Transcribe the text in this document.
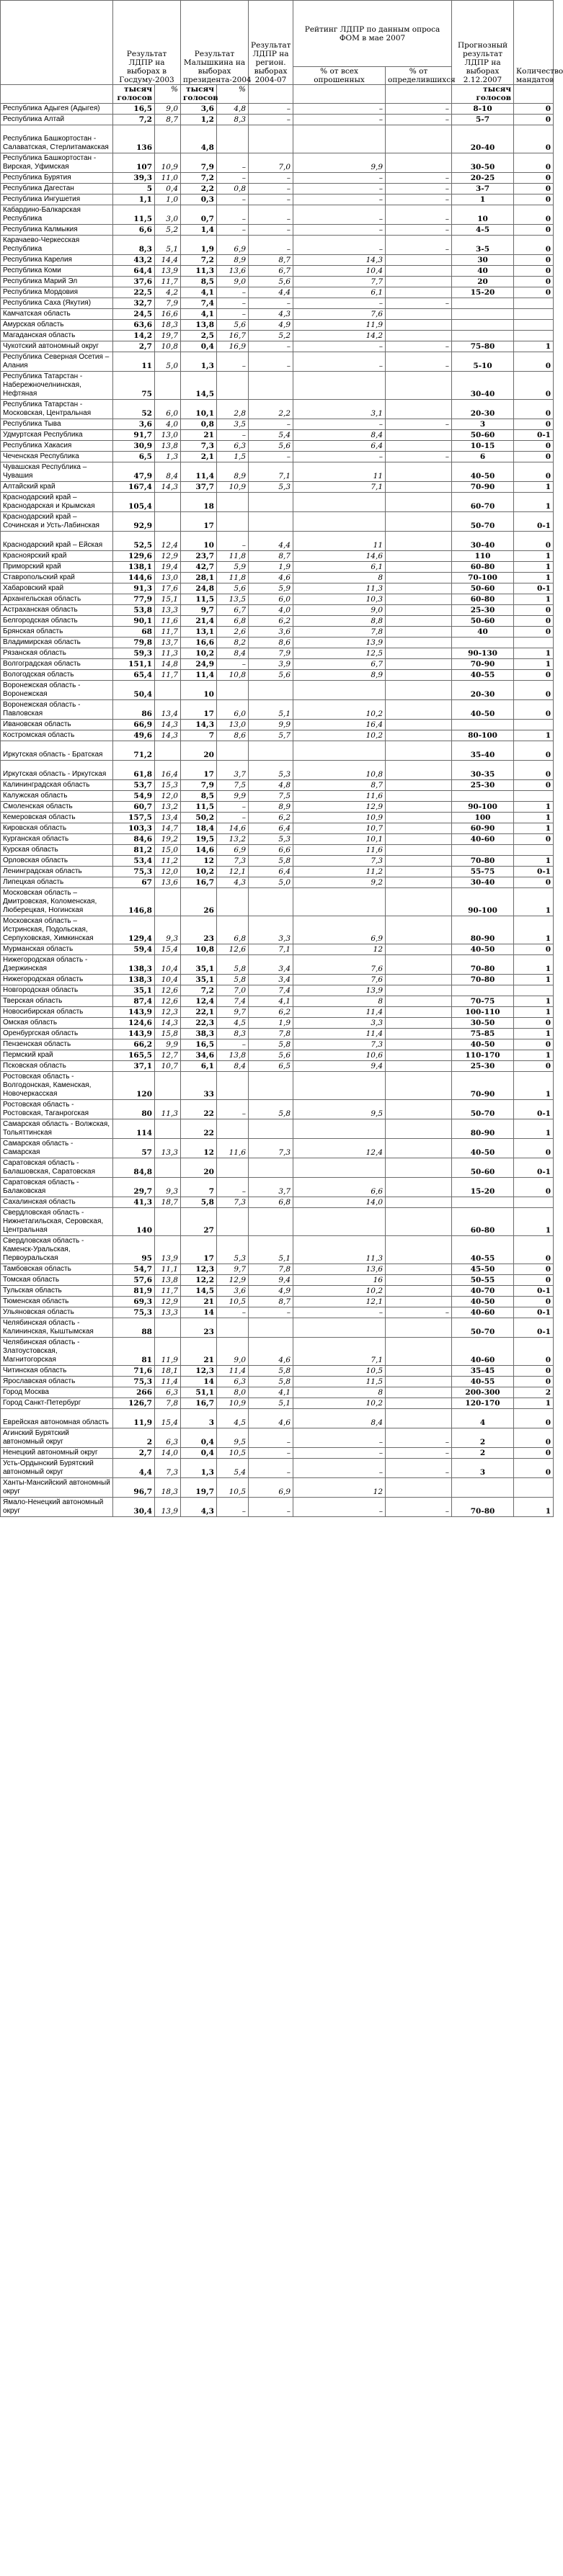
	Результат ЛДПР на выборах в Госдуму-2003		Результат Малышкина на выборах президента-2004		Результат ЛДПР на регион. выборах 2004-07	Рейтинг ЛДПР по данным опроса ФОМ в мае 2007		Прогнозный результат ЛДПР на выборах 2.12.2007	Количество мандатов
						% от всех опрошенных	% от определившихся		
	тысяч голосов	%	тысяч голосов	%				тысяч голосов	
Республика Адыгея (Адыгея)	16,5	9,0	3,6	4,8	–	–	–	8-10	0
Республика Алтай	7,2	8,7	1,2	8,3	–	–	–	5-7	0
Республика Башкортостан - Салаватская, Стерлитамакская	136		4,8					20-40	0
Республика Башкортостан - Вирская, Уфимская	107	10,9	7,9	–	7,0	9,9		30-50	0
Республика Бурятия	39,3	11,0	7,2	–	–	–	–	20-25	0
Республика Дагестан	5	0,4	2,2	0,8	–	–	–	3-7	0
Республика Ингушетия	1,1	1,0	0,3	–	–	–	–	1	0
Кабардино-Балкарская Республика	11,5	3,0	0,7	–	–	–	–	10	0
Республика Калмыкия	6,6	5,2	1,4	–	–	–	–	4-5	0
Карачаево-Черкесская Республика	8,3	5,1	1,9	6,9	–	–	–	3-5	0
Республика Карелия	43,2	14,4	7,2	8,9	8,7	14,3		30	0
Республика Коми	64,4	13,9	11,3	13,6	6,7	10,4		40	0
Республика Марий Эл	37,6	11,7	8,5	9,0	5,6	7,7		20	0
Республика Мордовия	22,5	4,2	4,1	–	4,4	6,1		15-20	0
Республика Саха (Якутия)	32,7	7,9	7,4	–	–	–	–		
Камчатская область	24,5	16,6	4,1	–	4,3	7,6			
Амурская область	63,6	18,3	13,8	5,6	4,9	11,9			
Магаданская область	14,2	19,7	2,5	16,7	5,2	14,2			
Чукотский автономный округ	2,7	10,8	0,4	16,9	–	–	–	75-80	1
Республика Северная Осетия – Алания	11	5,0	1,3	–	–	–	–	5-10	0
Республика Татарстан - Набережночелнинская, Нефтяная	75		14,5					30-40	0
Республика Татарстан - Московская, Центральная	52	6,0	10,1	2,8	2,2	3,1		20-30	0
Республика Тыва	3,6	4,0	0,8	3,5	–	–	–	3	0
Удмуртская Республика	91,7	13,0	21	–	5,4	8,4		50-60	0-1
Республика Хакасия	30,9	13,8	7,3	6,3	5,6	6,4		10-15	0
Чеченская Республика	6,5	1,3	2,1	1,5	–	–	–	6	0
Чувашская Республика – Чувашия	47,9	8,4	11,4	8,9	7,1	11		40-50	0
Алтайский край	167,4	14,3	37,7	10,9	5,3	7,1		70-90	1
Краснодарский край – Краснодарская и Крымская	105,4		18					60-70	1
Краснодарский край – Сочинская и Усть-Лабинская	92,9		17					50-70	0-1
Краснодарский край – Ейская	52,5	12,4	10	–	4,4	11		30-40	0
Красноярский край	129,6	12,9	23,7	11,8	8,7	14,6		110	1
Приморский край	138,1	19,4	42,7	5,9	1,9	6,1		60-80	1
Ставропольский край	144,6	13,0	28,1	11,8	4,6	8		70-100	1
Хабаровский край	91,3	17,6	24,8	5,6	5,9	11,3		50-60	0-1
Архангельская область	77,9	15,1	11,5	13,5	6,0	10,3		60-80	1
Астраханская область	53,8	13,3	9,7	6,7	4,0	9,0		25-30	0
Белгородская область	90,1	11,6	21,4	6,8	6,2	8,8		50-60	0
Брянская область	68	11,7	13,1	2,6	3,6	7,8		40	0
Владимирская область	79,8	13,7	16,6	8,2	8,6	13,9			
Рязанская область	59,3	11,3	10,2	8,4	7,9	12,5		90-130	1
Волгоградская область	151,1	14,8	24,9	–	3,9	6,7		70-90	1
Вологодская область	65,4	11,7	11,4	10,8	5,6	8,9		40-55	0
Воронежская область - Воронежская	50,4		10					20-30	0
Воронежская область - Павловская	86	13,4	17	6,0	5,1	10,2		40-50	0
Ивановская область	66,9	14,3	14,3	13,0	9,9	16,4			
Костромская область	49,6	14,3	7	8,6	5,7	10,2		80-100	1
Иркутская область - Братская	71,2		20					35-40	0
Иркутская область - Иркутская	61,8	16,4	17	3,7	5,3	10,8		30-35	0
Калининградская область	53,7	15,3	7,9	7,5	4,8	8,7		25-30	0
Калужская область	54,9	12,0	8,5	9,9	7,5	11,6			
Смоленская область	60,7	13,2	11,5	–	8,9	12,9		90-100	1
Кемеровская область	157,5	13,4	50,2	–	6,2	10,9		100	1
Кировская область	103,3	14,7	18,4	14,6	6,4	10,7		60-90	1
Курганская область	84,6	19,2	19,5	13,2	5,3	10,1		40-60	0
Курская область	81,2	15,0	14,6	6,9	6,6	11,6			
Орловская область	53,4	11,2	12	7,3	5,8	7,3		70-80	1
Ленинградская область	75,3	12,0	10,2	12,1	6,4	11,2		55-75	0-1
Липецкая область	67	13,6	16,7	4,3	5,0	9,2		30-40	0
Московская область – Дмитровская, Коломенская, Люберецкая, Ногинская	146,8		26					90-100	1
Московская область – Истринская, Подольская, Серпуховская, Химкинская	129,4	9,3	23	6,8	3,3	6,9		80-90	1
Мурманская область	59,4	15,4	10,8	12,6	7,1	12		40-50	0
Нижегородская область - Дзержинская	138,3	10,4	35,1	5,8	3,4	7,6		70-80	1
Нижегородская область	138,3	10,4	35,1	5,8	3,4	7,6		70-80	1
Новгородская область	35,1	12,6	7,2	7,0	7,4	13,9			
Тверская область	87,4	12,6	12,4	7,4	4,1	8		70-75	1
Новосибирская область	143,9	12,3	22,1	9,7	6,2	11,4		100-110	1
Омская область	124,6	14,3	22,3	4,5	1,9	3,3		30-50	0
Оренбургская область	143,9	15,8	38,3	8,3	7,8	11,4		75-85	1
Пензенская область	66,2	9,9	16,5	–	5,8	7,3		40-50	0
Пермский край	165,5	12,7	34,6	13,8	5,6	10,6		110-170	1
Псковская область	37,1	10,7	6,1	8,4	6,5	9,4		25-30	0
Ростовская область - Волгодонская, Каменская, Новочеркасская	120		33					70-90	1
Ростовская область - Ростовская, Таганрогская	80	11,3	22	–	5,8	9,5		50-70	0-1
Самарская область - Волжская, Тольяттинская	114		22					80-90	1
Самарская область - Самарская	57	13,3	12	11,6	7,3	12,4		40-50	0
Саратовская область - Балашовская, Саратовская	84,8		20					50-60	0-1
Саратовская область - Балаковская	29,7	9,3	7	–	3,7	6,6		15-20	0
Сахалинская область	41,3	18,7	5,8	7,3	6,8	14,0			
Свердловская область - Нижнетагильская, Серовская, Центральная	140		27					60-80	1
Свердловская область - Каменск-Уральская, Первоуральская	95	13,9	17	5,3	5,1	11,3		40-55	0
Тамбовская область	54,7	11,1	12,3	9,7	7,8	13,6		45-50	0
Томская область	57,6	13,8	12,2	12,9	9,4	16		50-55	0
Тульская область	81,9	11,7	14,5	3,6	4,9	10,2		40-70	0-1
Тюменская область	69,3	12,9	21	10,5	8,7	12,1		40-50	0
Ульяновская область	75,3	13,3	14	–	–	–	–	40-60	0-1
Челябинская область - Калининская, Кыштымская	88		23					50-70	0-1
Челябинская область - Златоустовская, Магнитогорская	81	11,9	21	9,0	4,6	7,1		40-60	0
Читинская область	71,6	18,1	12,3	11,4	5,8	10,5		35-45	0
Ярославская область	75,3	11,4	14	6,3	5,8	11,5		40-55	0
Город Москва	266	6,3	51,1	8,0	4,1	8		200-300	2
Город Санкт-Петербург	126,7	7,8	16,7	10,9	5,1	10,2		120-170	1
Еврейская автономная область	11,9	15,4	3	4,5	4,6	8,4		4	0
Агинский Бурятский автономный округ	2	6,3	0,4	9,5	–	–	–	2	0
Ненецкий автономный округ	2,7	14,0	0,4	10,5	–	–	–	2	0
Усть-Ордынский Бурятский автономный округ	4,4	7,3	1,3	5,4	–	–	–	3	0
Ханты-Мансийский автономный округ	96,7	18,3	19,7	10,5	6,9	12			
Ямало-Ненецкий автономный округ	30,4	13,9	4,3	–	–	–	–	70-80	1
